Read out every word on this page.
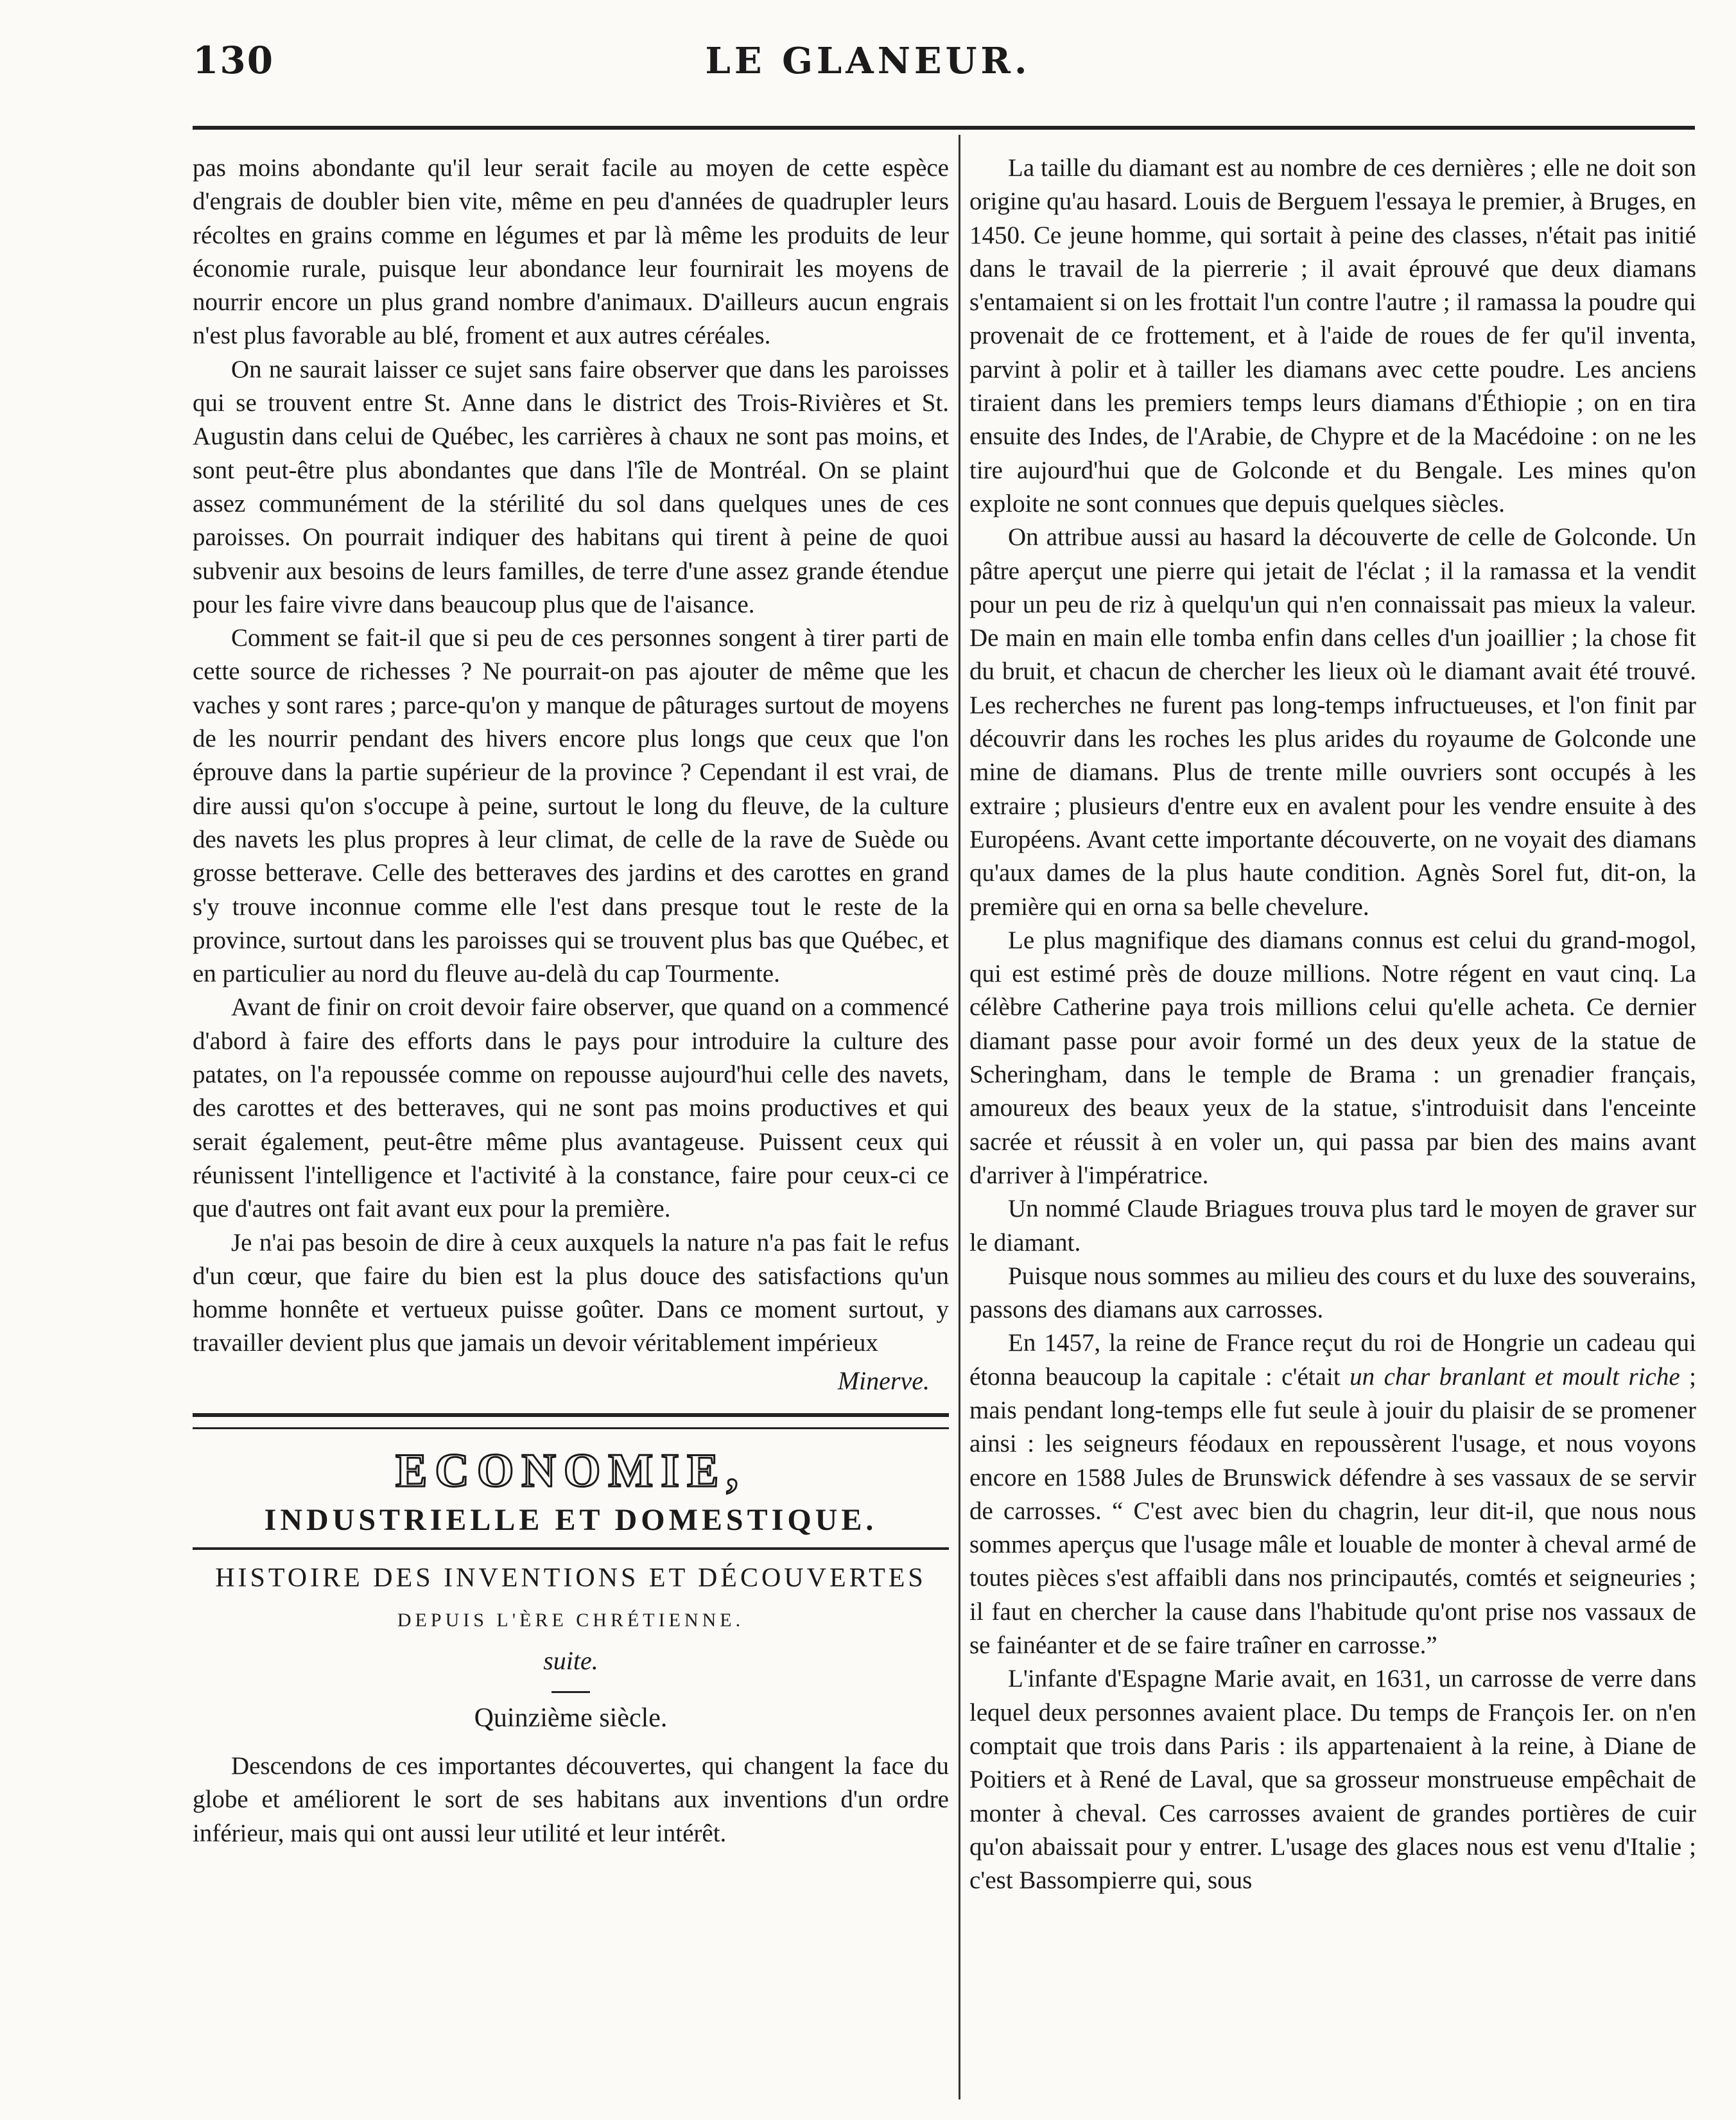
130	LE GLANEUR.

pas moins abondante qu'il leur serait facile au moyen de cette espèce d'engrais de doubler bien vite, même en peu d'années de quadrupler leurs récoltes en grains comme en légumes et par là même les produits de leur économie rurale, puisque leur abondance leur fournirait les moyens de nourrir encore un plus grand nombre d'animaux. D'ailleurs aucun engrais n'est plus favorable au blé, froment et aux autres céréales.

On ne saurait laisser ce sujet sans faire observer que dans les paroisses qui se trouvent entre St. Anne dans le district des Trois-Rivières et St. Augustin dans celui de Québec, les carrières à chaux ne sont pas moins, et sont peut-être plus abondantes que dans l'île de Montréal. On se plaint assez communément de la stérilité du sol dans quelques unes de ces paroisses. On pourrait indiquer des habitans qui tirent à peine de quoi subvenir aux besoins de leurs familles, de terre d'une assez grande étendue pour les faire vivre dans beaucoup plus que de l'aisance.

Comment se fait-il que si peu de ces personnes songent à tirer parti de cette source de richesses ? Ne pourrait-on pas ajouter de même que les vaches y sont rares ; parce-qu'on y manque de pâturages surtout de moyens de les nourrir pendant des hivers encore plus longs que ceux que l'on éprouve dans la partie supérieur de la province ? Cependant il est vrai, de dire aussi qu'on s'occupe à peine, surtout le long du fleuve, de la culture des navets les plus propres à leur climat, de celle de la rave de Suède ou grosse betterave. Celle des betteraves des jardins et des carottes en grand s'y trouve inconnue comme elle l'est dans presque tout le reste de la province, surtout dans les paroisses qui se trouvent plus bas que Québec, et en particulier au nord du fleuve au-delà du cap Tourmente.

Avant de finir on croit devoir faire observer, que quand on a commencé d'abord à faire des efforts dans le pays pour introduire la culture des patates, on l'a repoussée comme on repousse aujourd'hui celle des navets, des carottes et des betteraves, qui ne sont pas moins productives et qui serait également, peut-être même plus avantageuse. Puissent ceux qui réunissent l'intelligence et l'activité à la constance, faire pour ceux-ci ce que d'autres ont fait avant eux pour la première.

Je n'ai pas besoin de dire à ceux auxquels la nature n'a pas fait le refus d'un cœur, que faire du bien est la plus douce des satisfactions qu'un homme honnête et vertueux puisse goûter. Dans ce moment surtout, y travailler devient plus que jamais un devoir véritablement impérieux

Minerve.
ECONOMIE,
INDUSTRIELLE ET DOMESTIQUE.
HISTOIRE DES INVENTIONS ET DÉCOUVERTES
DEPUIS L'ÈRE CHRÉTIENNE.
suite.
Quinzième siècle.

Descendons de ces importantes découvertes, qui changent la face du globe et améliorent le sort de ses habitans aux inventions d'un ordre inférieur, mais qui ont aussi leur utilité et leur intérêt.

La taille du diamant est au nombre de ces dernières ; elle ne doit son origine qu'au hasard. Louis de Berguem l'essaya le premier, à Bruges, en 1450. Ce jeune homme, qui sortait à peine des classes, n'était pas initié dans le travail de la pierrerie ; il avait éprouvé que deux diamans s'entamaient si on les frottait l'un contre l'autre ; il ramassa la poudre qui provenait de ce frottement, et à l'aide de roues de fer qu'il inventa, parvint à polir et à tailler les diamans avec cette poudre. Les anciens tiraient dans les premiers temps leurs diamans d'Éthiopie ; on en tira ensuite des Indes, de l'Arabie, de Chypre et de la Macédoine : on ne les tire aujourd'hui que de Golconde et du Bengale. Les mines qu'on exploite ne sont connues que depuis quelques siècles.

On attribue aussi au hasard la découverte de celle de Golconde. Un pâtre aperçut une pierre qui jetait de l'éclat ; il la ramassa et la vendit pour un peu de riz à quelqu'un qui n'en connaissait pas mieux la valeur. De main en main elle tomba enfin dans celles d'un joaillier ; la chose fit du bruit, et chacun de chercher les lieux où le diamant avait été trouvé. Les recherches ne furent pas long-temps infructueuses, et l'on finit par découvrir dans les roches les plus arides du royaume de Golconde une mine de diamans. Plus de trente mille ouvriers sont occupés à les extraire ; plusieurs d'entre eux en avalent pour les vendre ensuite à des Européens. Avant cette importante découverte, on ne voyait des diamans qu'aux dames de la plus haute condition. Agnès Sorel fut, dit-on, la première qui en orna sa belle chevelure.

Le plus magnifique des diamans connus est celui du grand-mogol, qui est estimé près de douze millions. Notre régent en vaut cinq. La célèbre Catherine paya trois millions celui qu'elle acheta. Ce dernier diamant passe pour avoir formé un des deux yeux de la statue de Scheringham, dans le temple de Brama : un grenadier français, amoureux des beaux yeux de la statue, s'introduisit dans l'enceinte sacrée et réussit à en voler un, qui passa par bien des mains avant d'arriver à l'impératrice.

Un nommé Claude Briagues trouva plus tard le moyen de graver sur le diamant.

Puisque nous sommes au milieu des cours et du luxe des souverains, passons des diamans aux carrosses.

En 1457, la reine de France reçut du roi de Hongrie un cadeau qui étonna beaucoup la capitale : c'était un char branlant et moult riche ; mais pendant long-temps elle fut seule à jouir du plaisir de se promener ainsi : les seigneurs féodaux en repoussèrent l'usage, et nous voyons encore en 1588 Jules de Brunswick défendre à ses vassaux de se servir de carrosses. “ C'est avec bien du chagrin, leur dit-il, que nous nous sommes aperçus que l'usage mâle et louable de monter à cheval armé de toutes pièces s'est affaibli dans nos principautés, comtés et seigneuries ; il faut en chercher la cause dans l'habitude qu'ont prise nos vassaux de se fainéanter et de se faire traîner en carrosse.”

L'infante d'Espagne Marie avait, en 1631, un carrosse de verre dans lequel deux personnes avaient place. Du temps de François Ier. on n'en comptait que trois dans Paris : ils appartenaient à la reine, à Diane de Poitiers et à René de Laval, que sa grosseur monstrueuse empêchait de monter à cheval. Ces carrosses avaient de grandes portières de cuir qu'on abaissait pour y entrer. L'usage des glaces nous est venu d'Italie ; c'est Bassompierre qui, sous
